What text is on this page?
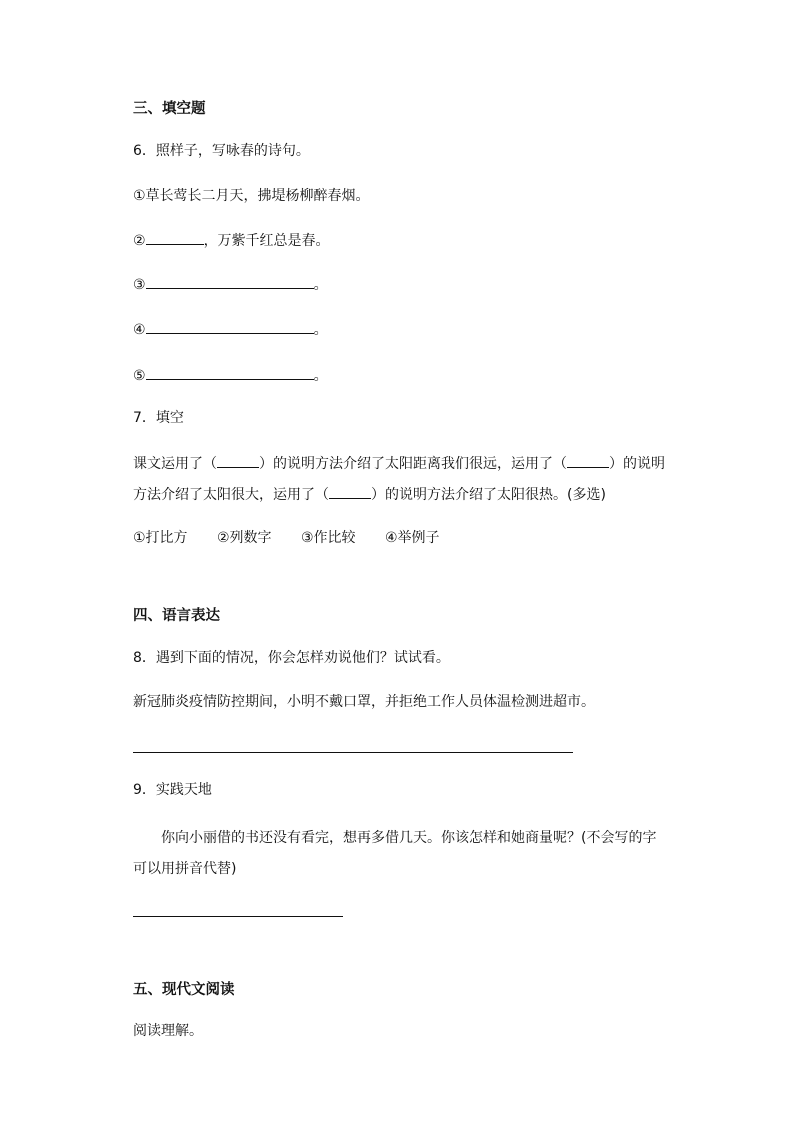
三、填空题
6．照样子，写咏春的诗句。
①草长莺长二月天，拂堤杨柳醉春烟。
②	，万紫千红总是春。
③	。
④	。
⑤	。
7．填空
课文运用了（	）的说明方法介绍了太阳距离我们很远，运用了（	）的说明
方法介绍了太阳很大，运用了（	）的说明方法介绍了太阳很热。(多选)
①打比方 ②列数字 ③作比较 ④举例子
四、语言表达
8．遇到下面的情况，你会怎样劝说他们？试试看。
新冠肺炎疫情防控期间，小明不戴口罩，并拒绝工作人员体温检测进超市。
9．实践天地
你向小丽借的书还没有看完，想再多借几天。你该怎样和她商量呢？(不会写的字
可以用拼音代替)
五、现代文阅读
阅读理解。
